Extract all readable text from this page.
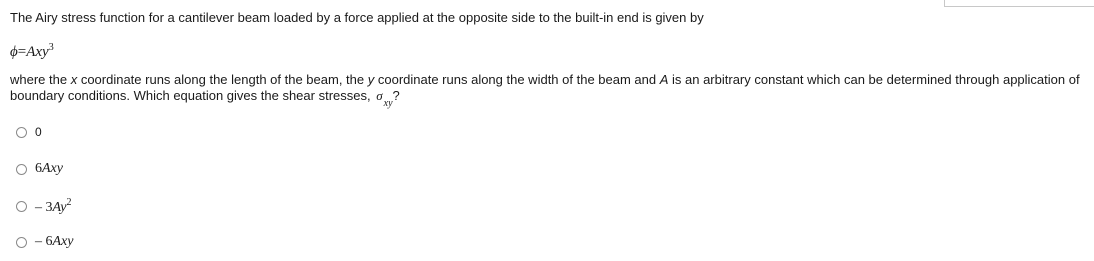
The Airy stress function for a cantilever beam loaded by a force applied at the opposite side to the built-in end is given by
ϕ=Axy$^3$
where the x coordinate runs along the length of the beam, the y coordinate runs along the width of the beam and A is an arbitrary constant which can be determined through application of boundary conditions. Which equation gives the shear stresses, $\sigma_{xy}$?
0
6Axy
– 3Ay$^2$
– 6Axy
